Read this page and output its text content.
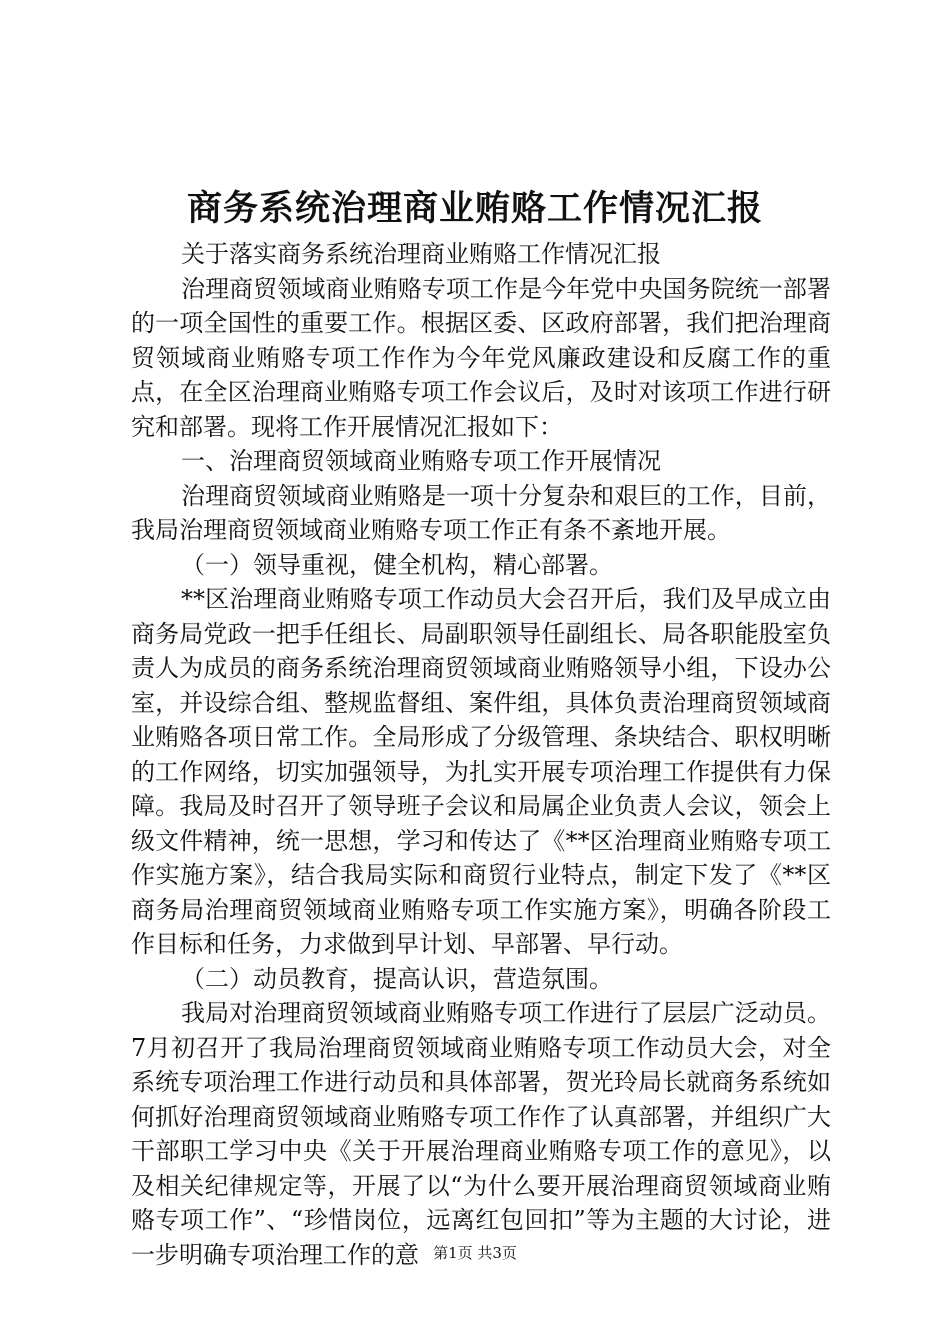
商务系统治理商业贿赂工作情况汇报

关于落实商务系统治理商业贿赂工作情况汇报

治理商贸领域商业贿赂专项工作是今年党中央国务院统一部署的一项全国性的重要工作。根据区委、区政府部署，我们把治理商贸领域商业贿赂专项工作作为今年党风廉政建设和反腐工作的重点，在全区治理商业贿赂专项工作会议后，及时对该项工作进行研究和部署。现将工作开展情况汇报如下：

一、治理商贸领域商业贿赂专项工作开展情况

治理商贸领域商业贿赂是一项十分复杂和艰巨的工作，目前，我局治理商贸领域商业贿赂专项工作正有条不紊地开展。

（一）领导重视，健全机构，精心部署。

**区治理商业贿赂专项工作动员大会召开后，我们及早成立由商务局党政一把手任组长、局副职领导任副组长、局各职能股室负责人为成员的商务系统治理商贸领域商业贿赂领导小组，下设办公室，并设综合组、整规监督组、案件组，具体负责治理商贸领域商业贿赂各项日常工作。全局形成了分级管理、条块结合、职权明晰的工作网络，切实加强领导，为扎实开展专项治理工作提供有力保障。我局及时召开了领导班子会议和局属企业负责人会议，领会上级文件精神，统一思想，学习和传达了《**区治理商业贿赂专项工作实施方案》，结合我局实际和商贸行业特点，制定下发了《**区商务局治理商贸领域商业贿赂专项工作实施方案》，明确各阶段工作目标和任务，力求做到早计划、早部署、早行动。

（二）动员教育，提高认识，营造氛围。

我局对治理商贸领域商业贿赂专项工作进行了层层广泛动员。7月初召开了我局治理商贸领域商业贿赂专项工作动员大会，对全系统专项治理工作进行动员和具体部署，贺光玲局长就商务系统如何抓好治理商贸领域商业贿赂专项工作作了认真部署，并组织广大干部职工学习中央《关于开展治理商业贿赂专项工作的意见》，以及相关纪律规定等，开展了以“为什么要开展治理商贸领域商业贿赂专项工作”、“珍惜岗位，远离红包回扣”等为主题的大讨论，进一步明确专项治理工作的意 第1页 共3页
